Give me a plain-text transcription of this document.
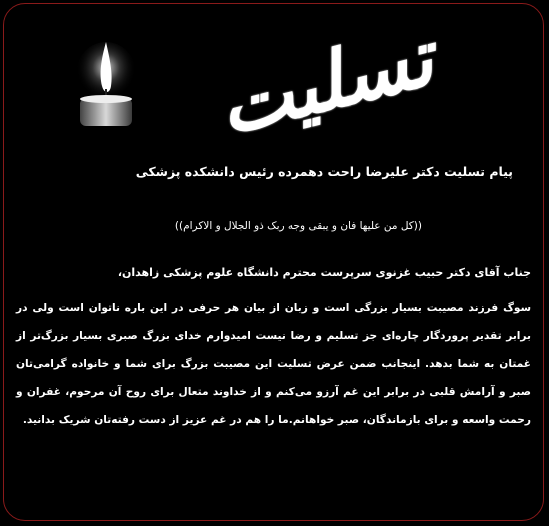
تسلیت

پیام تسلیت دکتر علیرضا راحت دهمرده رئیس دانشکده پزشکی

((کل من علیها فان و یبقی وجه ربک ذو الجلال و الاکرام))

جناب آقای دکتر حبیب غزنوی سرپرست محترم دانشگاه علوم پزشکی زاهدان،

سوگ فرزند مصیبت بسیار بزرگی است و زبان از بیان هر حرفی در این باره ناتوان است ولی در برابر تقدیر پروردگار چاره‌ای جز تسلیم و رضا نیست امیدوارم خدای بزرگ صبری بسیار بزرگ‌تر از غمتان به شما بدهد. اینجانب ضمن عرض تسلیت این مصیبت بزرگ برای شما و خانواده گرامی‌تان صبر و آرامش قلبی در برابر این غم آرزو می‌کنم و از خداوند متعال برای روح آن مرحوم، غفران و رحمت واسعه و برای بازماندگان، صبر خواهانم.ما را هم در غم عزیز از دست رفته‌تان شریک بدانید.
